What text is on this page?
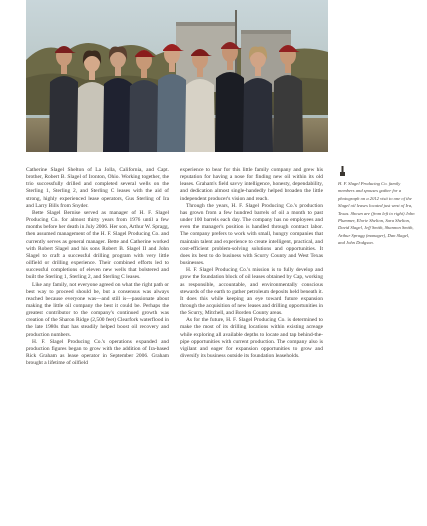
Catherine Slagel Shelton of La Jolla, California, and Capt. brother, Robert B. Slagel of Ironton, Ohio. Working together, the trio successfully drilled and completed several wells on the Sterling 1, Sterling 2, and Sterling C leases with the aid of strong, highly experienced lease operators, Gus Sterling of Ira and Larry Bills from Snyder.

Bette Slagel Bernise served as manager of H. F. Slagel Producing Co. for almost thirty years from 1976 until a few months before her death in July 2006. Her son, Arthur W. Spragg, then assumed management of the H. F. Slagel Producing Co. and currently serves as general manager. Bette and Catherine worked with Robert Slagel and his sons Robert B. Slagel II and John Slagel to craft a successful drilling program with very little oilfield or drilling experience. Their combined efforts led to successful completions of eleven new wells that bolstered and built the Sterling 1, Sterling 2, and Sterling C leases.

Like any family, not everyone agreed on what the right path or best way to proceed should be, but a consensus was always reached because everyone was—and still is—passionate about making the little oil company the best it could be. Perhaps the greatest contributor to the company's continued growth was creation of the Sharon Ridge (2,500 feet) Clearfork waterflood in the late 1980s that has steadily helped boost oil recovery and production numbers.

H. F. Slagel Producing Co.'s operations expanded and production figures began to grow with the addition of Ira-based Rick Graham as lease operator in September 2006. Graham brought a lifetime of oilfield

experience to bear for this little family company and grew his reputation for having a nose for finding new oil within its old leases. Graham's field savvy intelligence, honesty, dependability, and dedication almost single-handedly helped broaden the little independent producer's vision and reach.

Through the years, H. F. Slagel Producing Co.'s production has grown from a few hundred barrels of oil a month to past under 100 barrels each day. The company has no employees and even the manager's position is handled through contract labor. The company prefers to work with small, hungry companies that maintain talent and experience to create intelligent, practical, and cost-efficient problem-solving solutions and opportunities. It does its best to do business with Scurry County and West Texas businesses.

H. F. Slagel Producing Co.'s mission is to fully develop and grow the foundation block of oil leases obtained by Cap, working as responsible, accountable, and environmentally conscious stewards of the earth to gather petroleum deposits held beneath it. It does this while keeping an eye toward future expansion through the acquisition of new leases and drilling opportunities in the Scurry, Mitchell, and Borden County areas.

As for the future, H. F. Slagel Producing Co. is determined to make the most of its drilling locations within existing acreage while exploring all available depths to locate and tap behind-the-pipe opportunities with current production. The company also is vigilant and eager for expansion opportunities to grow and diversify its business outside its foundation leaseholds.

H. F. Slagel Producing Co. family members and spouses gather for a photograph on a 2012 visit to one of the Slagel oil leases located just west of Ira, Texas. Shown are (from left to right) John Plummer, Elorie Shelton, Sara Shelton, David Slagel, Jeff Smith, Shannon Smith, Arthur Spragg (manager), Dan Slagel, and John Dodgson.
